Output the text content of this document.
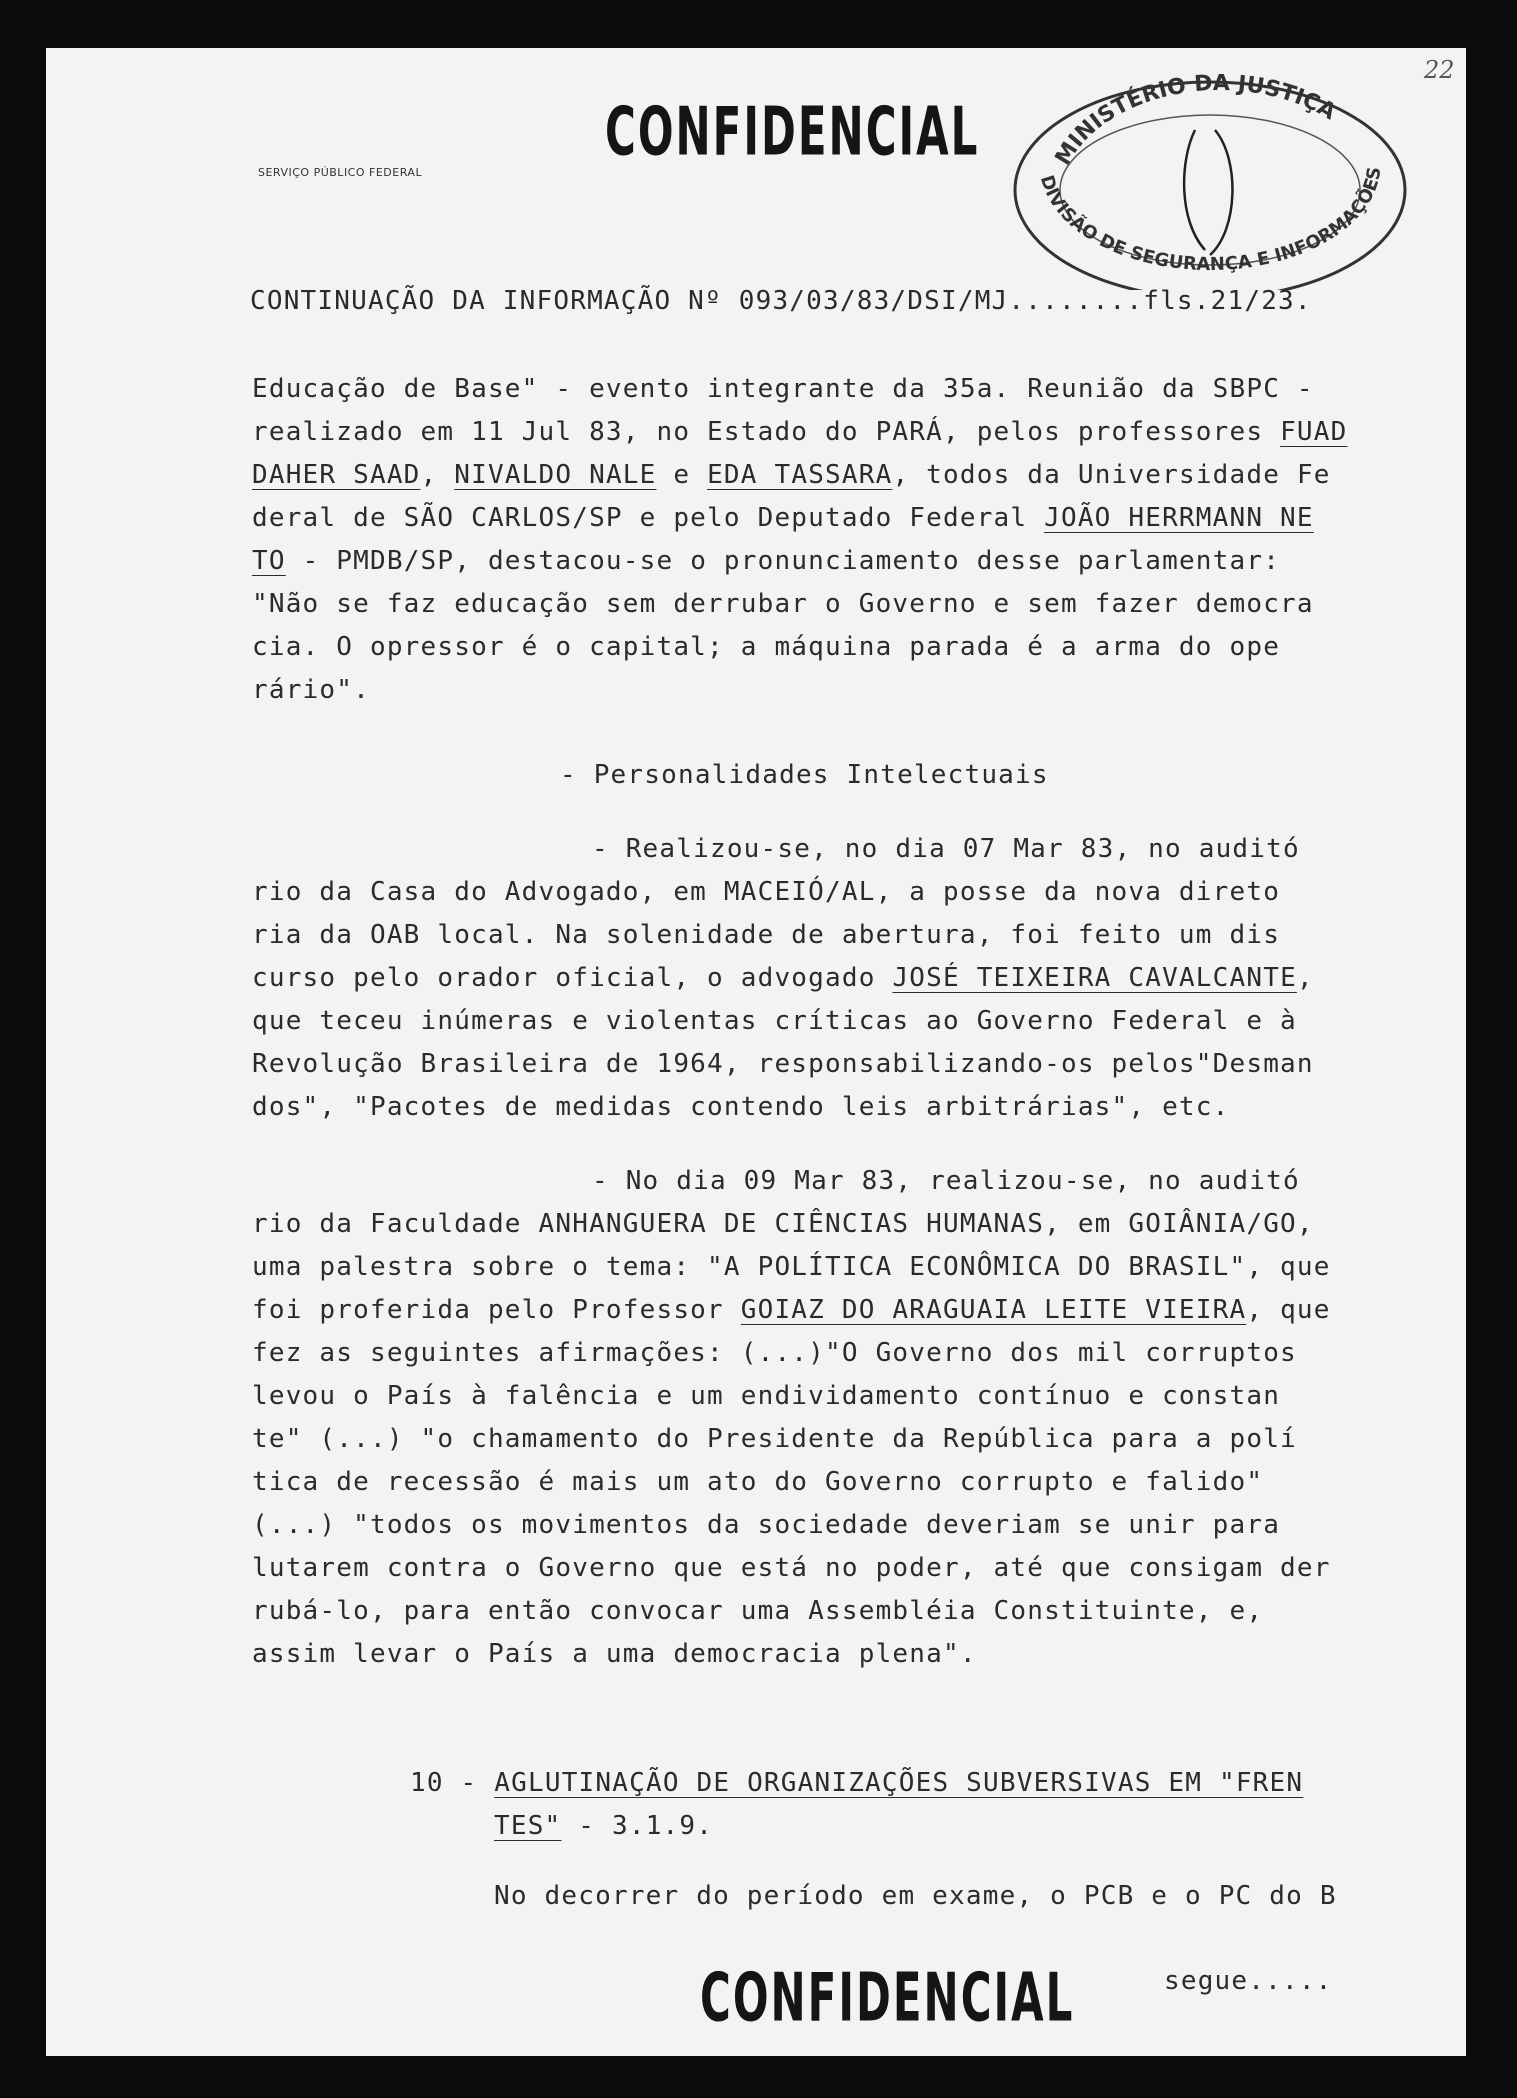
CONFIDENCIAL
SERVIÇO PÚBLICO FEDERAL
22
MINISTÉRIO DA JUSTIÇA
DIVISÃO DE SEGURANÇA E INFORMAÇÕES
CONTINUAÇÃO DA INFORMAÇÃO Nº 093/03/83/DSI/MJ........fls.21/23.
Educação de Base" - evento integrante da 35a. Reunião da SBPC -
realizado em 11 Jul 83, no Estado do PARÁ, pelos professores FUAD
DAHER SAAD, NIVALDO NALE e EDA TASSARA, todos da Universidade Fe
deral de SÃO CARLOS/SP e pelo Deputado Federal JOÃO HERRMANN NE
TO - PMDB/SP, destacou-se o pronunciamento desse parlamentar:
"Não se faz educação sem derrubar o Governo e sem fazer democra
cia. O opressor é o capital; a máquina parada é a arma do ope
rário".
- Personalidades Intelectuais
- Realizou-se, no dia 07 Mar 83, no auditó
rio da Casa do Advogado, em MACEIÓ/AL, a posse da nova direto
ria da OAB local. Na solenidade de abertura, foi feito um dis
curso pelo orador oficial, o advogado JOSÉ TEIXEIRA CAVALCANTE,
que teceu inúmeras e violentas críticas ao Governo Federal e à
Revolução Brasileira de 1964, responsabilizando-os pelos"Desman
dos", "Pacotes de medidas contendo leis arbitrárias", etc.
- No dia 09 Mar 83, realizou-se, no auditó
rio da Faculdade ANHANGUERA DE CIÊNCIAS HUMANAS, em GOIÂNIA/GO,
uma palestra sobre o tema: "A POLÍTICA ECONÔMICA DO BRASIL", que
foi proferida pelo Professor GOIAZ DO ARAGUAIA LEITE VIEIRA, que
fez as seguintes afirmações: (...)"O Governo dos mil corruptos
levou o País à falência e um endividamento contínuo e constan
te" (...) "o chamamento do Presidente da República para a polí
tica de recessão é mais um ato do Governo corrupto e falido"
(...) "todos os movimentos da sociedade deveriam se unir para
lutarem contra o Governo que está no poder, até que consigam der
rubá-lo, para então convocar uma Assembléia Constituinte, e,
assim levar o País a uma democracia plena".
10 - AGLUTINAÇÃO DE ORGANIZAÇÕES SUBVERSIVAS EM "FREN
TES" - 3.1.9.
No decorrer do período em exame, o PCB e o PC do B
CONFIDENCIAL	segue.....
